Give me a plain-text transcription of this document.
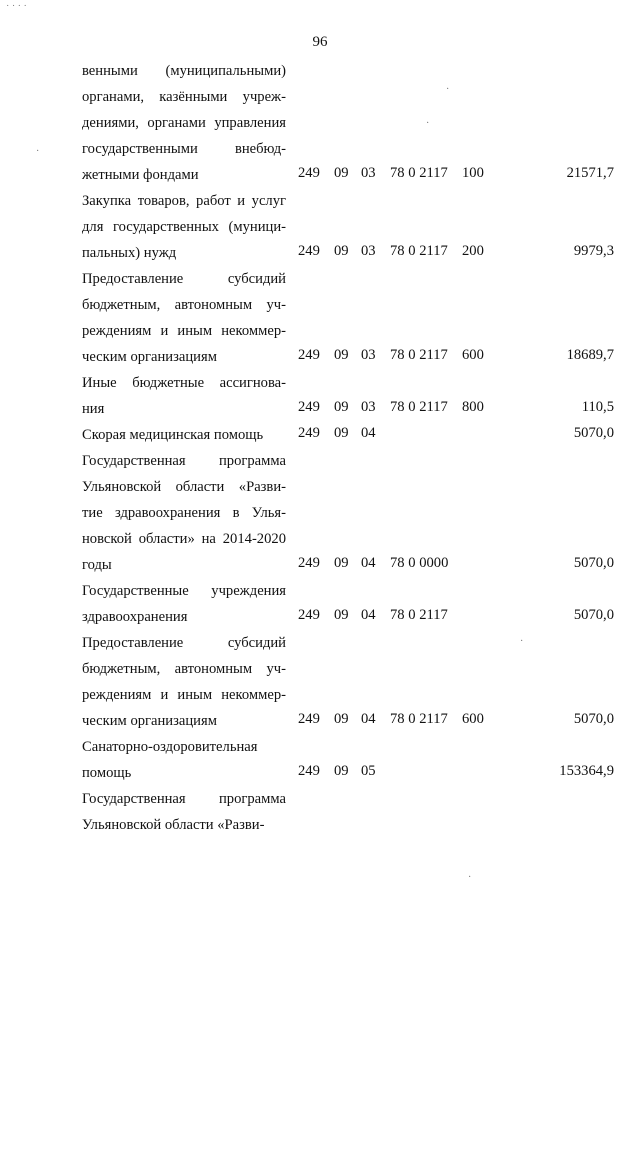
96
венными (муниципальными)
органами, казёнными учреж-
дениями, органами управления
государственными внебюд-
жетными фондами	249 09 03 78 0 2117 100	21571,7
Закупка товаров, работ и услуг
для государственных (муници-
пальных) нужд	249 09 03 78 0 2117 200	9979,3
Предоставление субсидий
бюджетным, автономным уч-
реждениям и иным некоммер-
ческим организациям	249 09 03 78 0 2117 600	18689,7
Иные бюджетные ассигнова-
ния	249 09 03 78 0 2117 800	110,5
Скорая медицинская помощь	249 09 04	5070,0
Государственная программа
Ульяновской области «Разви-
тие здравоохранения в Улья-
новской области» на 2014-2020
годы	249 09 04 78 0 0000	5070,0
Государственные учреждения
здравоохранения	249 09 04 78 0 2117	5070,0
Предоставление субсидий
бюджетным, автономным уч-
реждениям и иным некоммер-
ческим организациям	249 09 04 78 0 2117 600	5070,0
Санаторно-оздоровительная
помощь	249 09 05	153364,9
Государственная программа
Ульяновской области «Разви-
˙ ˙ ˙ ˙
·
·
·
·
·
